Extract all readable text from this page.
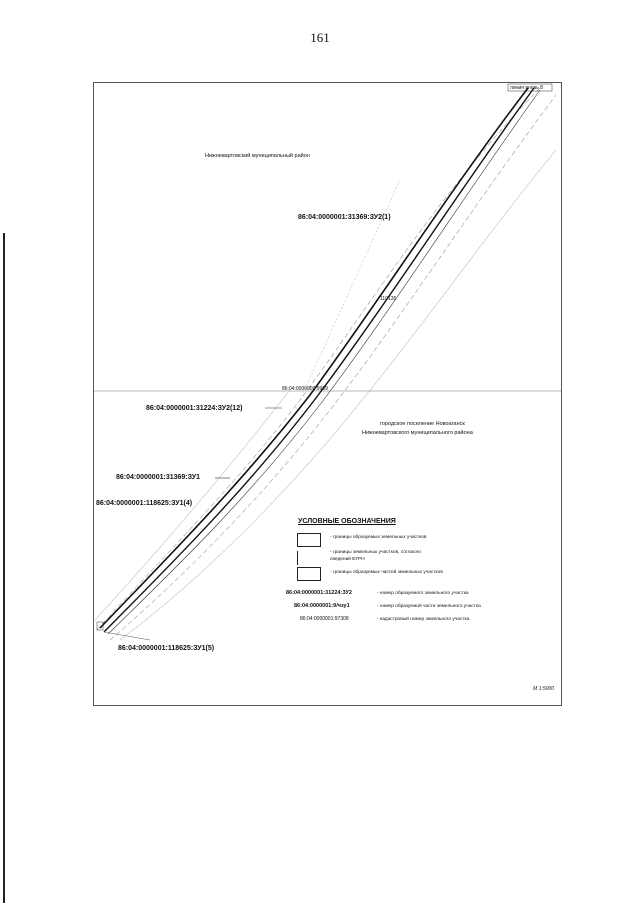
161
линия вновь 8
Нижневартовский муниципальный район
86:04:0000001:31369:ЗУ2(1)
110135
86:04:0000000:9969
86:04:0000001:31224:ЗУ2(12)
городское поселение Новоаганск
Нижневартовского муниципального района
86:04:0000001:31369:ЗУ1
86:04:0000001:118625:ЗУ1(4)
86:04:0000001:118625:ЗУ1(5)
УСЛОВНЫЕ ОБОЗНАЧЕНИЯ
- границы образуемых земельных участков
- границы земельных участков, согласно
сведений ЕГРН
- границы образуемых частей земельных участков
86:04:0000001:31224:ЗУ2	- номер образуемого земельного участка
86:04:0000001:9/чзу1	- номер образуемой части земельного участка
86:04:0000001:97308	- кадастровый номер земельного участка
М 1:5000
